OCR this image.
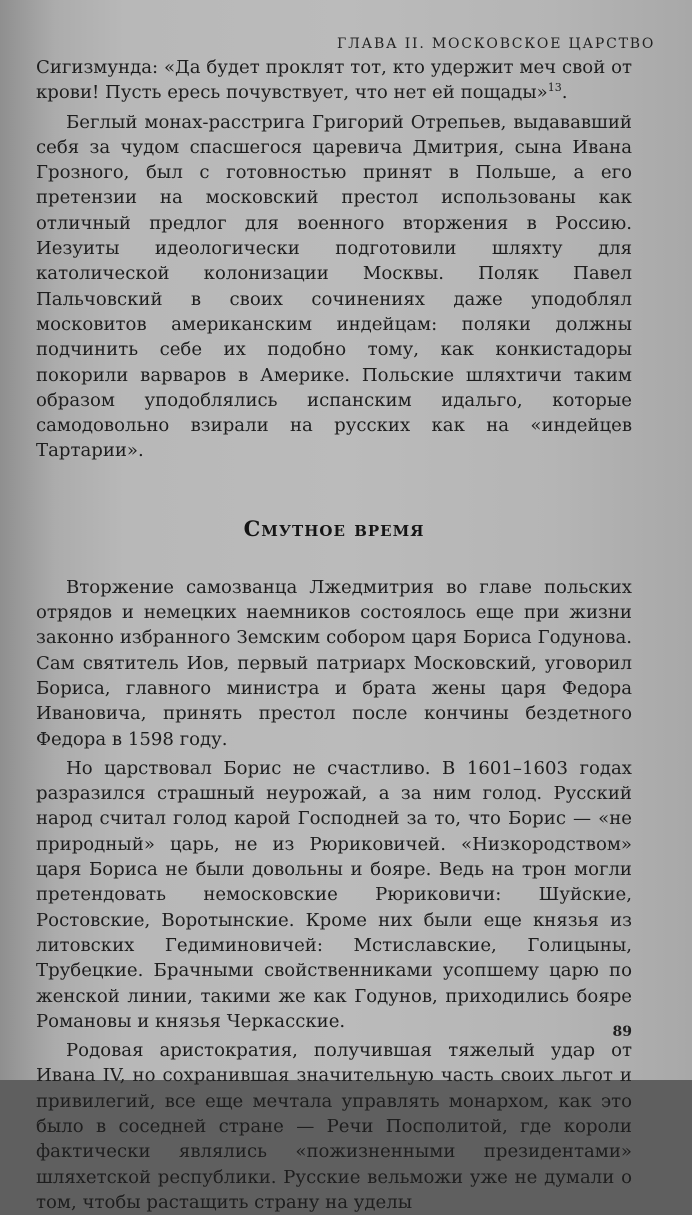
ГЛАВА II. МОСКОВСКОЕ ЦАРСТВО

Сигизмунда: «Да будет проклят тот, кто удержит меч свой от крови! Пусть ересь почувствует, что нет ей пощады»$^{13}$.

Беглый монах-расстрига Григорий Отрепьев, выдававший себя за чудом спасшегося царевича Дмитрия, сына Ивана Грозного, был с готовностью принят в Польше, а его претензии на московский престол использованы как отличный предлог для военного вторжения в Россию. Иезуиты идеологически подготовили шляхту для католической колонизации Москвы. Поляк Павел Пальчовский в своих сочинениях даже уподоблял московитов американским индейцам: поляки должны подчинить себе их подобно тому, как конкистадоры покорили варваров в Америке. Польские шляхтичи таким образом уподоблялись испанским идальго, которые самодовольно взирали на русских как на «индейцев Тартарии».

Смутное время

Вторжение самозванца Лжедмитрия во главе польских отрядов и немецких наемников состоялось еще при жизни законно избранного Земским собором царя Бориса Годунова. Сам святитель Иов, первый патриарх Московский, уговорил Бориса, главного министра и брата жены царя Федора Ивановича, принять престол после кончины бездетного Федора в 1598 году.

Но царствовал Борис не счастливо. В 1601–1603 годах разразился страшный неурожай, а за ним голод. Русский народ считал голод карой Господней за то, что Борис — «не природный» царь, не из Рюриковичей. «Низкородством» царя Бориса не были довольны и бояре. Ведь на трон могли претендовать немосковские Рюриковичи: Шуйские, Ростовские, Воротынские. Кроме них были еще князья из литовских Гедиминовичей: Мстиславские, Голицыны, Трубецкие. Брачными свойственниками усопшему царю по женской линии, такими же как Годунов, приходились бояре Романовы и князья Черкасские.

Родовая аристократия, получившая тяжелый удар от Ивана IV, но сохранившая значительную часть своих льгот и привилегий, все еще мечтала управлять монархом, как это было в соседней стране — Речи Посполитой, где короли фактически являлись «пожизненными президентами» шляхетской республики. Русские вельможи уже не думали о том, чтобы растащить страну на уделы

89
